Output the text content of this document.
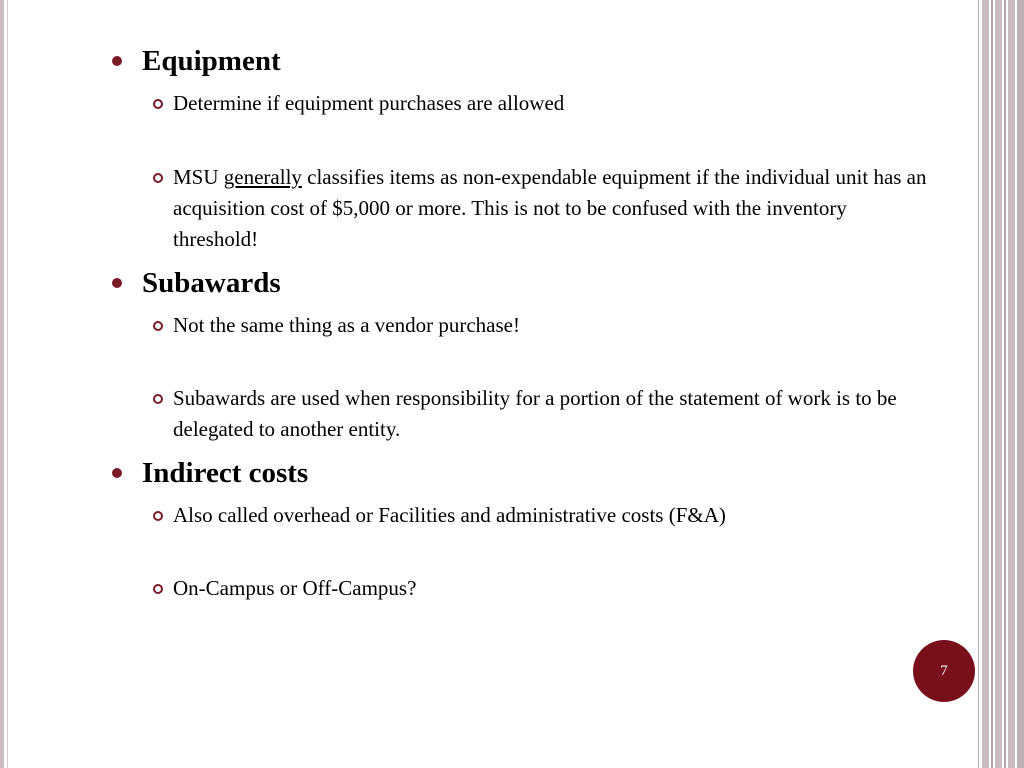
Equipment
Determine if equipment purchases are allowed
MSU generally classifies items as non-expendable equipment if the individual unit has an acquisition cost of $5,000 or more. This is not to be confused with the inventory threshold!
Subawards
Not the same thing as a vendor purchase!
Subawards are used when responsibility for a portion of the statement of work is to be delegated to another entity.
Indirect costs
Also called overhead or Facilities and administrative costs (F&A)
On-Campus or Off-Campus?
7
